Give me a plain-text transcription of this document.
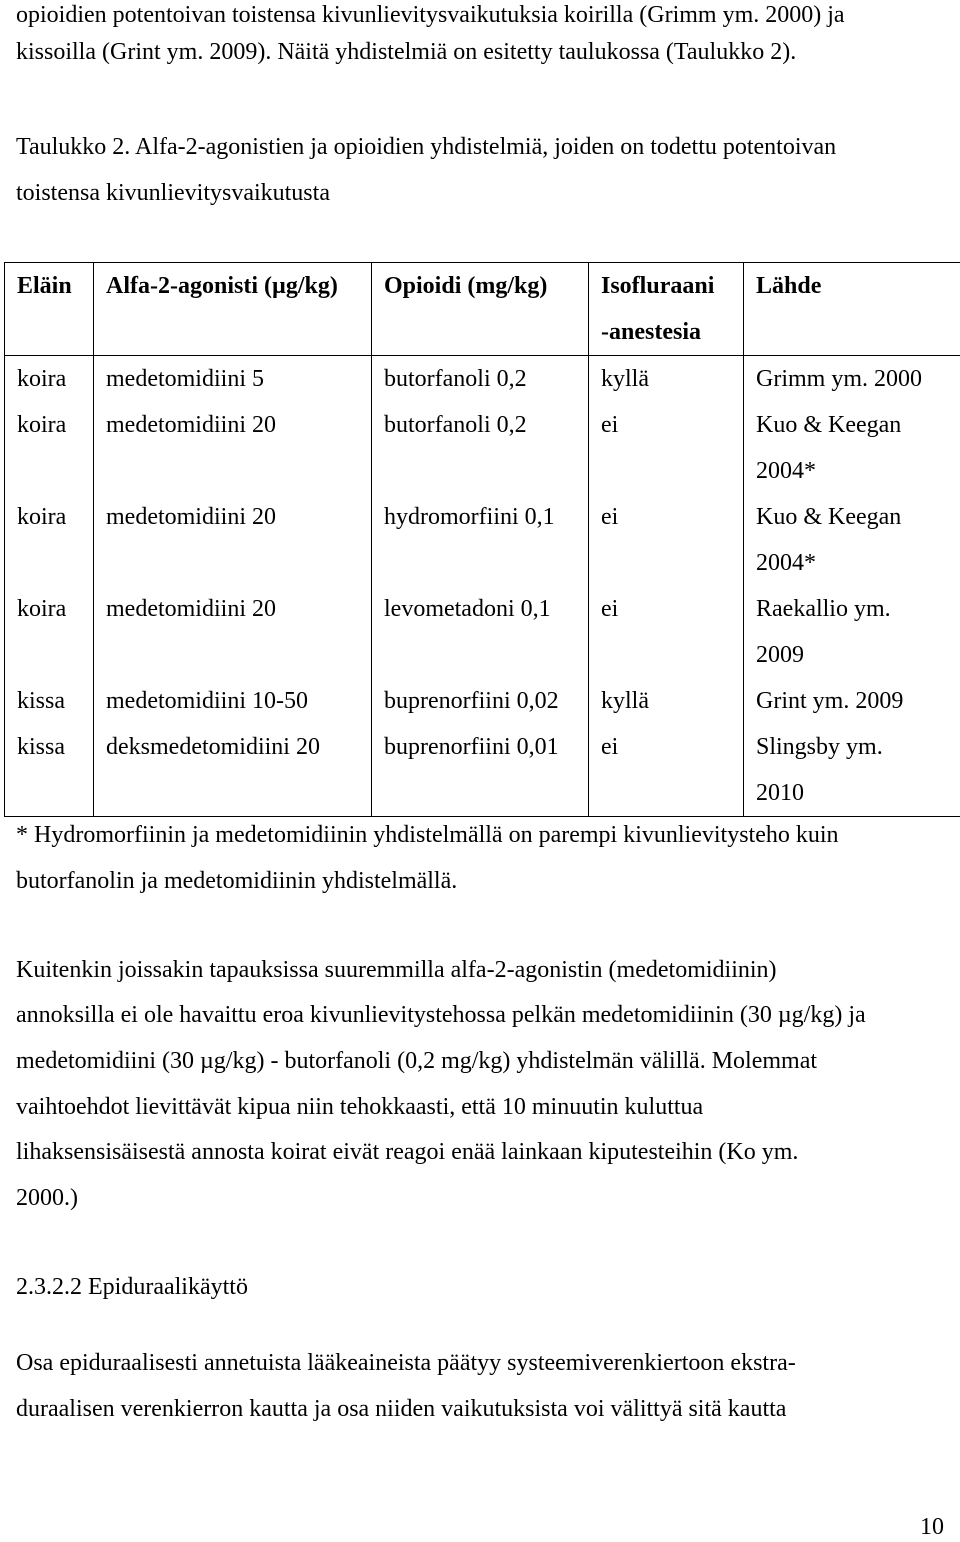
opioidien potentoivan toistensa kivunlievitysvaikutuksia koirilla (Grimm ym. 2000) ja
kissoilla (Grint ym. 2009). Näitä yhdistelmiä on esitetty taulukossa (Taulukko 2).
Taulukko 2. Alfa-2-agonistien ja opioidien yhdistelmiä, joiden on todettu potentoivan
toistensa kivunlievitysvaikutusta
Eläin	Alfa-2-agonisti (µg/kg)	Opioidi (mg/kg)	Isofluraani -anestesia	Lähde
koira	medetomidiini 5	butorfanoli 0,2	kyllä	Grimm ym. 2000
koira	medetomidiini 20	butorfanoli 0,2	ei	Kuo & Keegan 2004*
koira	medetomidiini 20	hydromorfiini 0,1	ei	Kuo & Keegan 2004*
koira	medetomidiini 20	levometadoni 0,1	ei	Raekallio ym. 2009
kissa	medetomidiini 10-50	buprenorfiini 0,02	kyllä	Grint ym. 2009
kissa	deksmedetomidiini 20	buprenorfiini 0,01	ei	Slingsby ym. 2010
* Hydromorfiinin ja medetomidiinin yhdistelmällä on parempi kivunlievitysteho kuin
butorfanolin ja medetomidiinin yhdistelmällä.
Kuitenkin joissakin tapauksissa suuremmilla alfa-2-agonistin (medetomidiinin)
annoksilla ei ole havaittu eroa kivunlievitystehossa pelkän medetomidiinin (30 µg/kg) ja
medetomidiini (30 µg/kg) - butorfanoli (0,2 mg/kg) yhdistelmän välillä. Molemmat
vaihtoehdot lievittävät kipua niin tehokkaasti, että 10 minuutin kuluttua
lihaksensisäisestä annosta koirat eivät reagoi enää lainkaan kiputesteihin (Ko ym.
2000.)
2.3.2.2 Epiduraalikäyttö
Osa epiduraalisesti annetuista lääkeaineista päätyy systeemiverenkiertoon ekstra-
duraalisen verenkierron kautta ja osa niiden vaikutuksista voi välittyä sitä kautta
10
